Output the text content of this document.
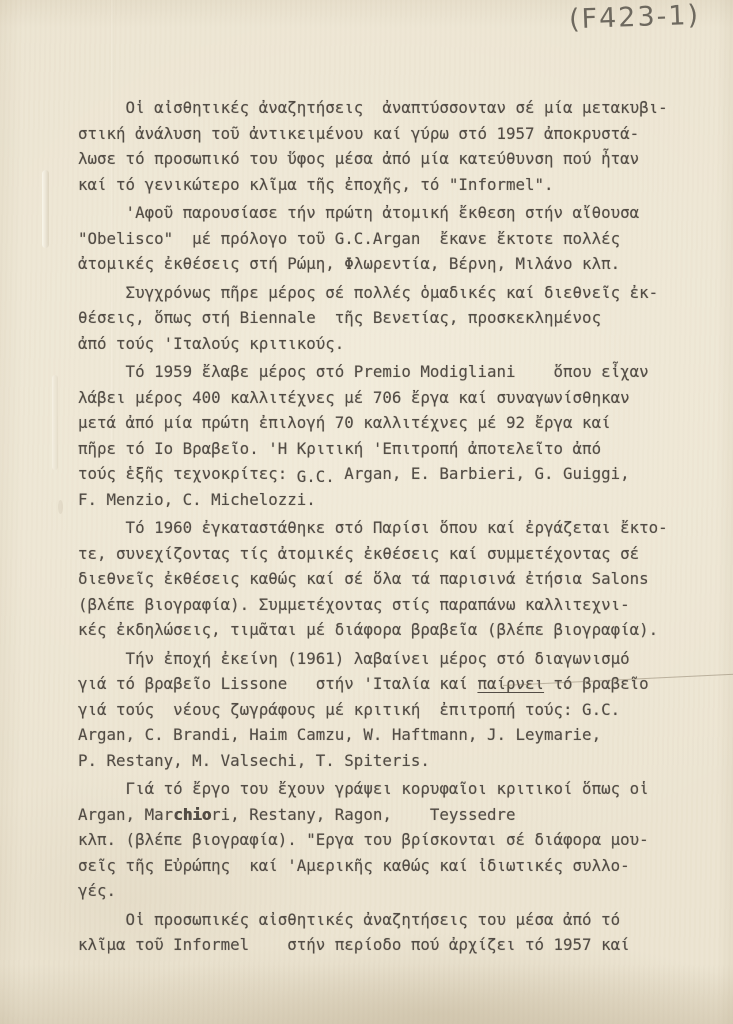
(F423-1)
Οἱ αἰσθητικές ἀναζητήσεις  ἀναπτύσσονταν σέ μία μετακυβι-
στική ἀνάλυση τοῦ ἀντικειμένου καί γύρω στό 1957 ἀποκρυστά-
λωσε τό προσωπικό του ὕφος μέσα ἀπό μία κατεύθυνση πού ἦταν
καί τό γενικώτερο κλῖμα τῆς ἐποχῆς, τό "Informel".
'Αφοῦ παρουσίασε τήν πρώτη ἀτομική ἔκθεση στήν αἴθουσα
"Obelisco"  μέ πρόλογο τοῦ G.C.Argan  ἔκανε ἔκτοτε πολλές
ἀτομικές ἐκθέσεις στή Ρώμη, Φλωρεντία, Βέρνη, Μιλάνο κλπ.
Συγχρόνως πῆρε μέρος σέ πολλές ὁμαδικές καί διεθνεῖς ἐκ-
θέσεις, ὅπως στή Biennale  τῆς Βενετίας, προσκεκλημένος
ἀπό τούς 'Ιταλούς κριτικούς.
Τό 1959 ἔλαβε μέρος στό Premio Modigliani    ὅπου εἶχαν
λάβει μέρος 400 καλλιτέχνες μέ 706 ἔργα καί συναγωνίσθηκαν
μετά ἀπό μία πρώτη ἐπιλογή 70 καλλιτέχνες μέ 92 ἔργα καί
πῆρε τό Ιο Βραβεῖο. 'Η Κριτική 'Επιτροπή ἀποτελεῖτο ἀπό
τούς ἑξῆς τεχνοκρίτες: G.C. Argan, E. Barbieri, G. Guiggi,
F. Menzio, C. Michelozzi.
Τό 1960 ἐγκαταστάθηκε στό Παρίσι ὅπου καί ἐργάζεται ἔκτο-
τε, συνεχίζοντας τίς ἀτομικές ἐκθέσεις καί συμμετέχοντας σέ
διεθνεῖς ἐκθέσεις καθώς καί σέ ὅλα τά παρισινά ἐτήσια Salons
(βλέπε βιογραφία). Συμμετέχοντας στίς παραπάνω καλλιτεχνι-
κές ἐκδηλώσεις, τιμᾶται μέ διάφορα βραβεῖα (βλέπε βιογραφία).
Τήν ἐποχή ἐκείνη (1961) λαβαίνει μέρος στό διαγωνισμό
γιά τό βραβεῖο Lissone   στήν 'Ιταλία καί παίρνει τό βραβεῖο
γιά τούς  νέους ζωγράφους μέ κριτική  ἐπιτροπή τούς: G.C.
Argan, C. Brandi, Haim Camzu, W. Haftmann, J. Leymarie,
P. Restany, M. Valsechi, T. Spiteris.
Γιά τό ἔργο του ἔχουν γράψει κορυφαῖοι κριτικοί ὅπως οἱ
Argan, Marchiori, Restany, Ragon,    Teyssedre
κλπ. (βλέπε βιογραφία). "Εργα του βρίσκονται σέ διάφορα μου-
σεῖς τῆς Εὐρώπης  καί 'Αμερικῆς καθώς καί ἰδιωτικές συλλο-
γές.
Οἱ προσωπικές αἰσθητικές ἀναζητήσεις του μέσα ἀπό τό
κλῖμα τοῦ Informel    στήν περίοδο πού ἀρχίζει τό 1957 καί
